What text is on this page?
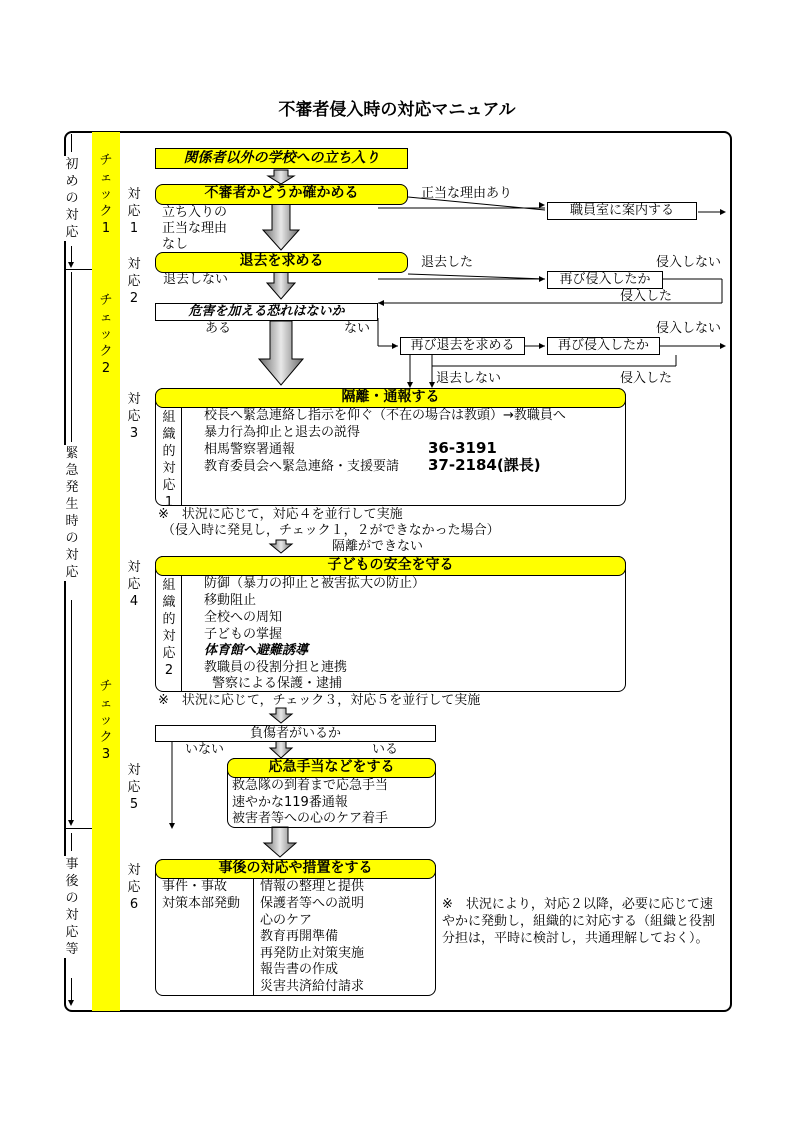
不審者侵入時の対応マニュアル
初めの対応
緊急発生時の対応
事後の対応等
チェック1
チェック2
チェック3
対応1
対応2
対応3
対応4
対応5
対応6
関係者以外の学校への立ち入り
不審者かどうか確かめる	正当な理由あり
職員室に案内する
立ち入りの
正当な理由
なし
退去を求める	退去した	侵入しない
退去しない	再び侵入したか
侵入した
危害を加える恐れはないか
ある	ない
再び退去を求める	再び侵入したか
侵入しない
退去しない	侵入した
隔離・通報する
組織的対応1
校長へ緊急連絡し指示を仰ぐ（不在の場合は教頭）→教職員へ
暴力行為抑止と退去の説得
相馬警察署通報	36-3191
教育委員会へ緊急連絡・支援要請 37-2184(課長)
※　状況に応じて，対応４を並行して実施
（侵入時に発見し，チェック１，２ができなかった場合）
隔離ができない
子どもの安全を守る
組織的対応2
防御（暴力の抑止と被害拡大の防止）
移動阻止
全校への周知
子どもの掌握
体育館へ避難誘導
教職員の役割分担と連携
警察による保護・逮捕
※　状況に応じて，チェック３，対応５を並行して実施
負傷者がいるか
いない	いる
応急手当などをする
救急隊の到着まで応急手当
速やかな119番通報
被害者等への心のケア着手
事後の対応や措置をする
事件・事故
対策本部発動
情報の整理と提供
保護者等への説明
心のケア
教育再開準備
再発防止対策実施
報告書の作成
災害共済給付請求
※　状況により，対応２以降，必要に応じて速やかに発動し，組織的に対応する（組織と役割分担は，平時に検討し，共通理解しておく）。
